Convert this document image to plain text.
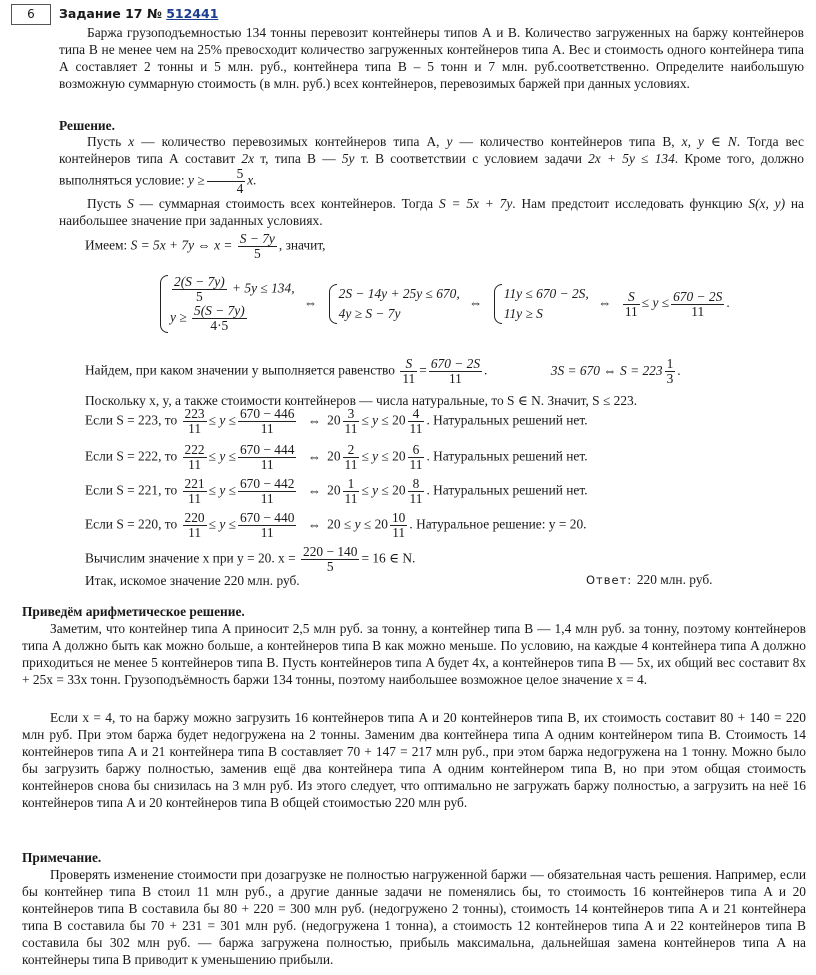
6	Задание 17 № 512441
Баржа грузоподъемностью 134 тонны перевозит контейнеры типов А и В. Количество загруженных на баржу контейнеров типа В не менее чем на 25% превосходит количество загруженных контейнеров типа А. Вес и стоимость одного контейнера типа А составляет 2 тонны и 5 млн. руб., контейнера типа В – 5 тонн и 7 млн. руб.соответственно. Определите наибольшую возможную суммарную стоимость (в млн. руб.) всех контейнеров, перевозимых баржей при данных условиях.
Решение.
Пусть x — количество перевозимых контейнеров типа А, y — количество контейнеров типа В, x, y ∈ N. Тогда вес контейнеров типа А составит 2x т, типа В — 5y т. В соответствии с условием задачи 2x + 5y ≤ 134. Кроме того, должно выполняться условие: $y \ge \frac{5}{4} x$.
Пусть S — суммарная стоимость всех контейнеров. Тогда S = 5x + 7y. Нам предстоит исследовать функцию S(x, y) на наибольшее значение при заданных условиях.
Имеем: S = 5x + 7y ⇔ $x = \frac{S - 7y}{5}$ , значит,
$\frac{2(S - 7y)}{5} + 5y \le 134$,
$y \ge \frac{5(S - 7y)}{4\cdot 5}$
⇔
2S − 14y + 25y ≤ 670,
4y ≥ S − 7y
⇔
11y ≤ 670 − 2S,
11y ≥ S
⇔ $\frac{S}{11} \le y \le \frac{670 - 2S}{11}$ .
Найдем, при каком значении y выполняется равенство $\frac{S}{11} = \frac{670 - 2S}{11}$ .	3S = 670 ⇔ $S = 223 \frac{1}{3}$ .
Поскольку x, y, а также стоимости контейнеров — числа натуральные, то S ∈ N. Значит, S ≤ 223.
Если S = 223, то $\frac{223}{11} \le y \le \frac{670 - 446}{11}$ ⇔ $20 \frac{3}{11} \le y \le 20 \frac{4}{11}$ . Натуральных решений нет.
Если S = 222, то $\frac{222}{11} \le y \le \frac{670 - 444}{11}$ ⇔ $20 \frac{2}{11} \le y \le 20 \frac{6}{11}$ . Натуральных решений нет.
Если S = 221, то $\frac{221}{11} \le y \le \frac{670 - 442}{11}$ ⇔ $20 \frac{1}{11} \le y \le 20 \frac{8}{11}$ . Натуральных решений нет.
Если S = 220, то $\frac{220}{11} \le y \le \frac{670 - 440}{11}$ ⇔ $20 \le y \le 20 \frac{10}{11}$ . Натуральное решение: y = 20.
Вычислим значение x при y = 20. $x = \frac{220 - 140}{5} = 16$ ∈ N.
Итак, искомое значение 220 млн. руб.	Ответ: 220 млн. руб.
Приведём арифметическое решение.
Заметим, что контейнер типа A приносит 2,5 млн руб. за тонну, а контейнер типа B — 1,4 млн руб. за тонну, поэтому контейнеров типа A должно быть как можно больше, а контейнеров типа B как можно меньше. По условию, на каждые 4 контейнера типа A должно приходиться не менее 5 контейнеров типа B. Пусть контейнеров типа A будет 4x, а контейнеров типа B — 5x, их общий вес составит 8x + 25x = 33x тонн. Грузоподъёмность баржи 134 тонны, поэтому наибольшее возможное целое значение x = 4.
Если x = 4, то на баржу можно загрузить 16 контейнеров типа A и 20 контейнеров типа B, их стоимость составит 80 + 140 = 220 млн руб. При этом баржа будет недогружена на 2 тонны. Заменим два контейнера типа A одним контейнером типа B. Стоимость 14 контейнеров типа A и 21 контейнера типа B составляет 70 + 147 = 217 млн руб., при этом баржа недогружена на 1 тонну. Можно было бы загрузить баржу полностью, заменив ещё два контейнера типа A одним контейнером типа B, но при этом общая стоимость контейнеров снова бы снизилась на 3 млн руб. Из этого следует, что оптимально не загружать баржу полностью, а загрузить на неё 16 контейнеров типа A и 20 контейнеров типа B общей стоимостью 220 млн руб.
Примечание.
Проверять изменение стоимости при дозагрузке не полностью нагруженной баржи — обязательная часть решения. Например, если бы контейнер типа B стоил 11 млн руб., а другие данные задачи не поменялись бы, то стоимость 16 контейнеров типа A и 20 контейнеров типа B составила бы 80 + 220 = 300 млн руб. (недогружено 2 тонны), стоимость 14 контейнеров типа A и 21 контейнера типа B составила бы 70 + 231 = 301 млн руб. (недогружена 1 тонна), а стоимость 12 контейнеров типа A и 22 контейнеров типа B составила бы 302 млн руб. — баржа загружена полностью, прибыль максимальна, дальнейшая замена контейнеров типа A на контейнеры типа B приводит к уменьшению прибыли.
